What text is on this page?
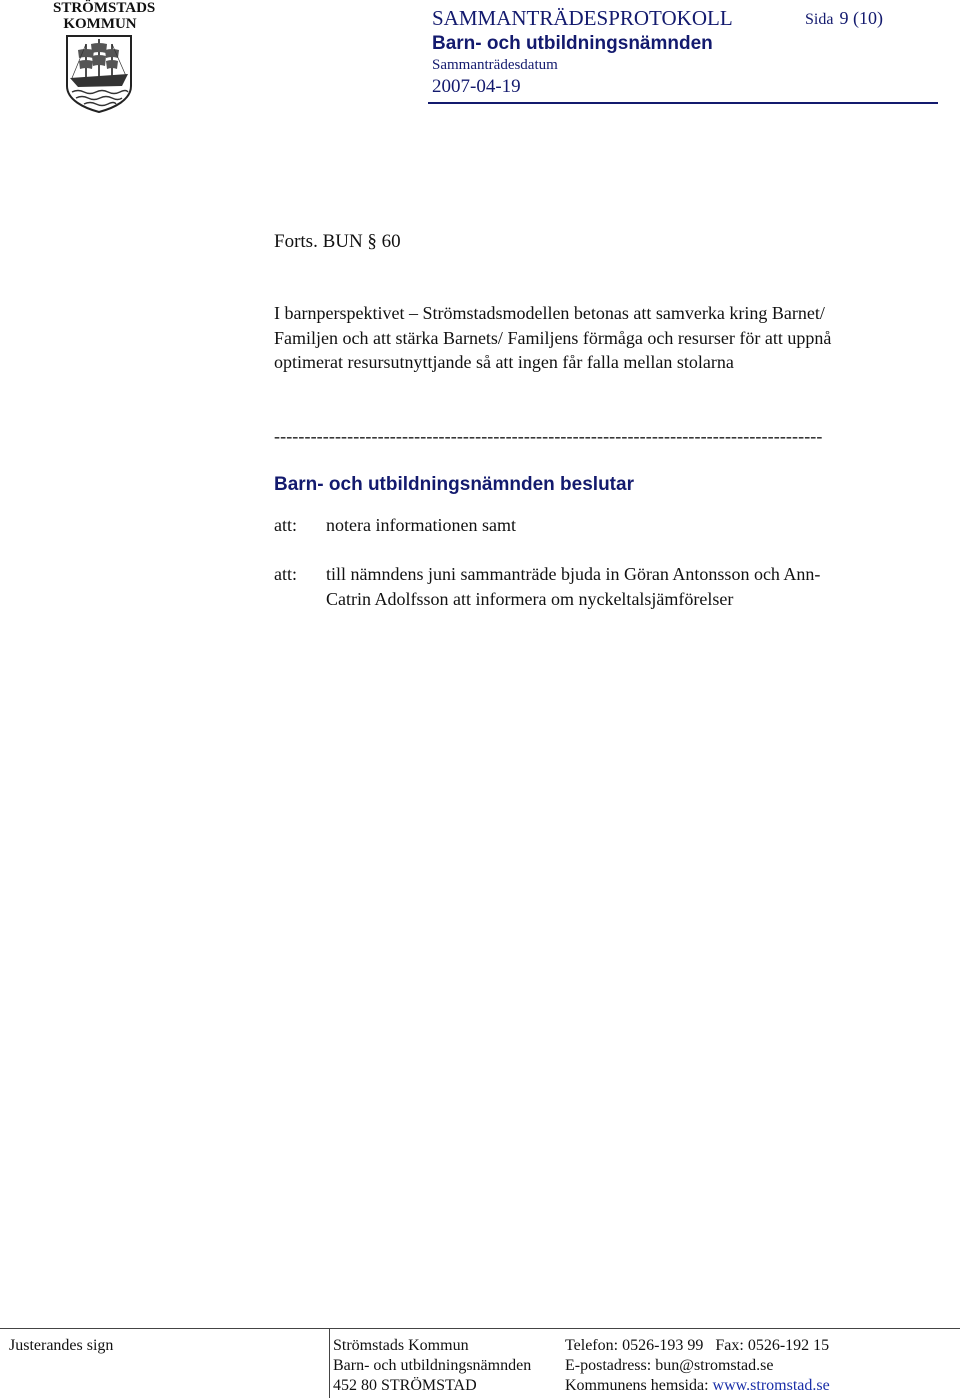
STRÖMSTADS
KOMMUN	SAMMANTRÄDESPROTOKOLL	Sida 9 (10)
Barn- och utbildningsnämnden
Sammanträdesdatum
2007-04-19
Forts. BUN § 60
I barnperspektivet – Strömstadsmodellen betonas att samverka kring Barnet/
Familjen och att stärka Barnets/ Familjens förmåga och resurser för att uppnå
optimerat resursutnyttjande så att ingen får falla mellan stolarna
------------------------------------------------------------------------------------------
Barn- och utbildningsnämnden beslutar
att: notera informationen samt
att: till nämndens juni sammanträde bjuda in Göran Antonsson och Ann-
Catrin Adolfsson att informera om nyckeltalsjämförelser
Justerandes sign	Strömstads Kommun
Barn- och utbildningsnämnden
452 80 STRÖMSTAD
Telefon: 0526-193 99   Fax: 0526-192 15
E-postadress: bun@stromstad.se
Kommunens hemsida: www.stromstad.se
